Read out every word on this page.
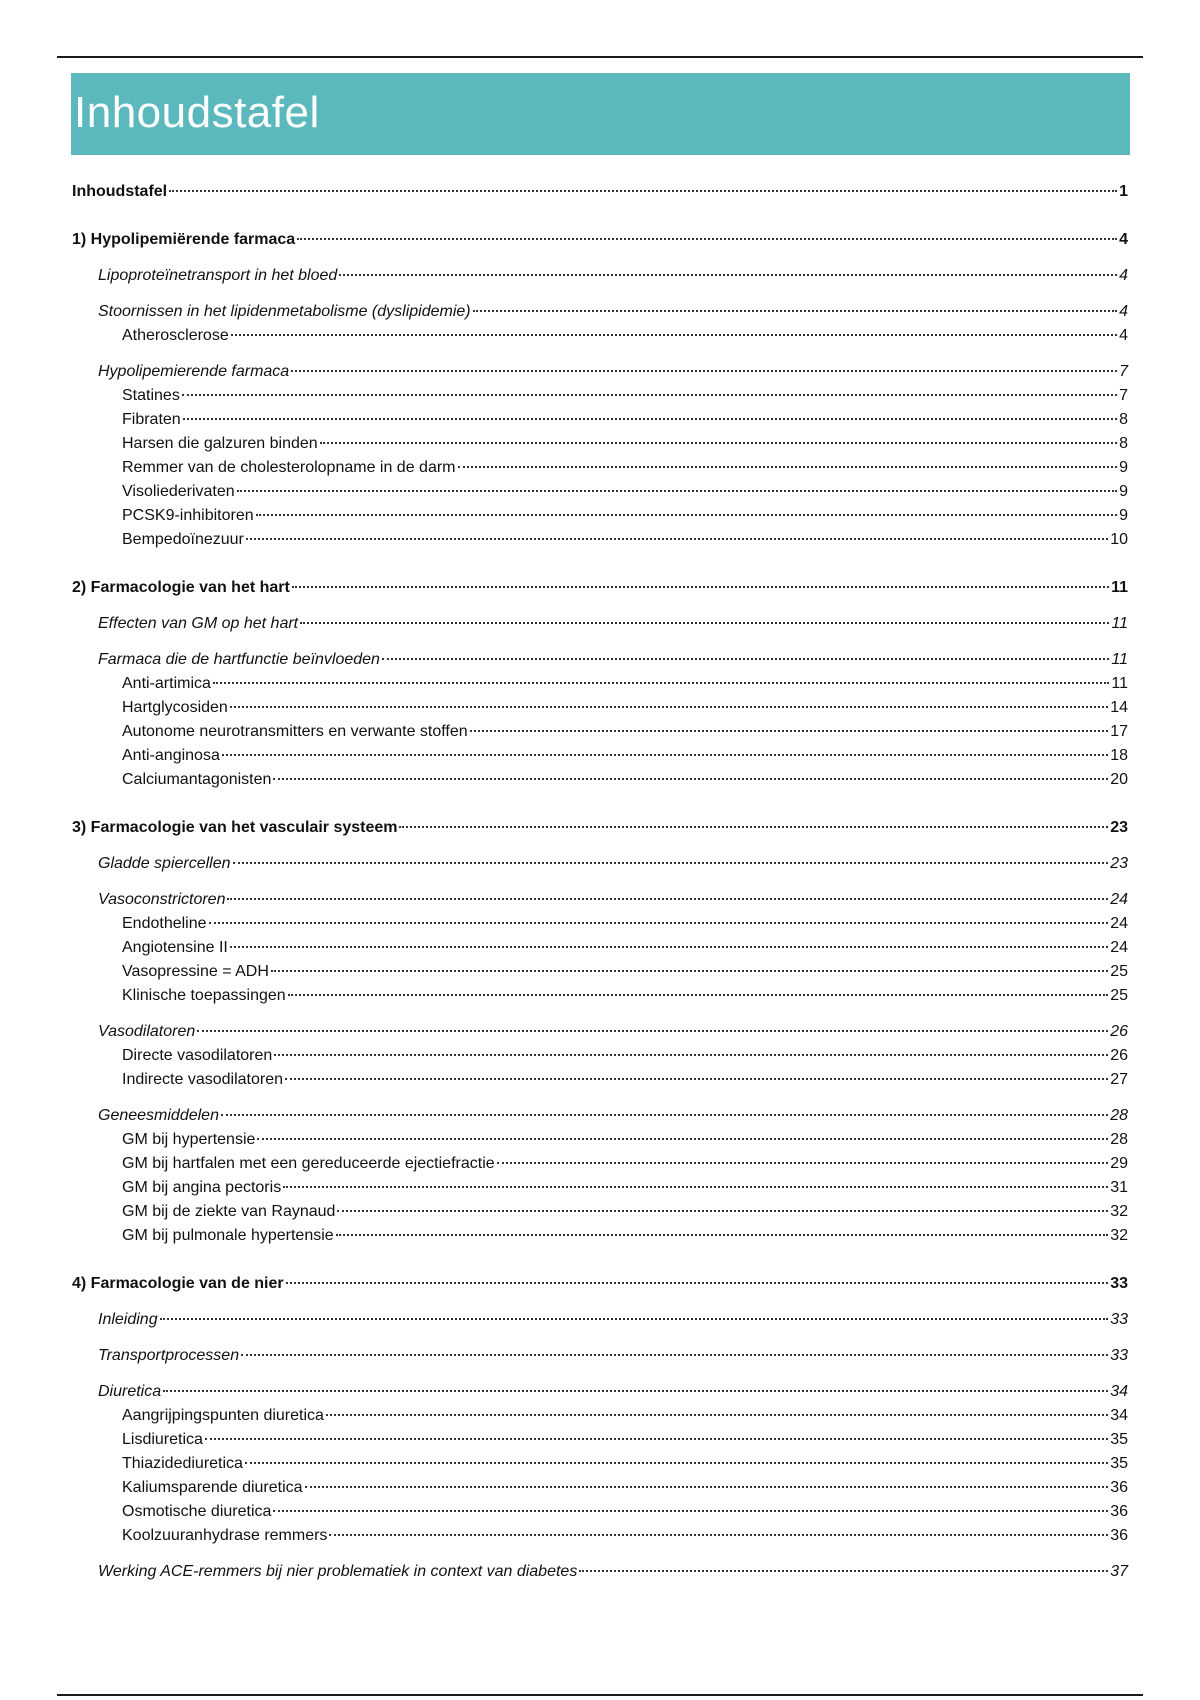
Inhoudstafel
Inhoudstafel	1
1) Hypolipemiërende farmaca	4
Lipoproteïnetransport in het bloed	4
Stoornissen in het lipidenmetabolisme (dyslipidemie)	4
Atherosclerose	4
Hypolipemierende farmaca	7
Statines	7
Fibraten	8
Harsen die galzuren binden	8
Remmer van de cholesterolopname in de darm	9
Visoliederivaten	9
PCSK9-inhibitoren	9
Bempedoïnezuur	10
2) Farmacologie van het hart	11
Effecten van GM op het hart	11
Farmaca die de hartfunctie beïnvloeden	11
Anti-artimica	11
Hartglycosiden	14
Autonome neurotransmitters en verwante stoffen	17
Anti-anginosa	18
Calciumantagonisten	20
3) Farmacologie van het vasculair systeem	23
Gladde spiercellen	23
Vasoconstrictoren	24
Endotheline	24
Angiotensine II	24
Vasopressine = ADH	25
Klinische toepassingen	25
Vasodilatoren	26
Directe vasodilatoren	26
Indirecte vasodilatoren	27
Geneesmiddelen	28
GM bij hypertensie	28
GM bij hartfalen met een gereduceerde ejectiefractie	29
GM bij angina pectoris	31
GM bij de ziekte van Raynaud	32
GM bij pulmonale hypertensie	32
4) Farmacologie van de nier	33
Inleiding	33
Transportprocessen	33
Diuretica	34
Aangrijpingspunten diuretica	34
Lisdiuretica	35
Thiazidediuretica	35
Kaliumsparende diuretica	36
Osmotische diuretica	36
Koolzuuranhydrase remmers	36
Werking ACE-remmers bij nier problematiek in context van diabetes	37
